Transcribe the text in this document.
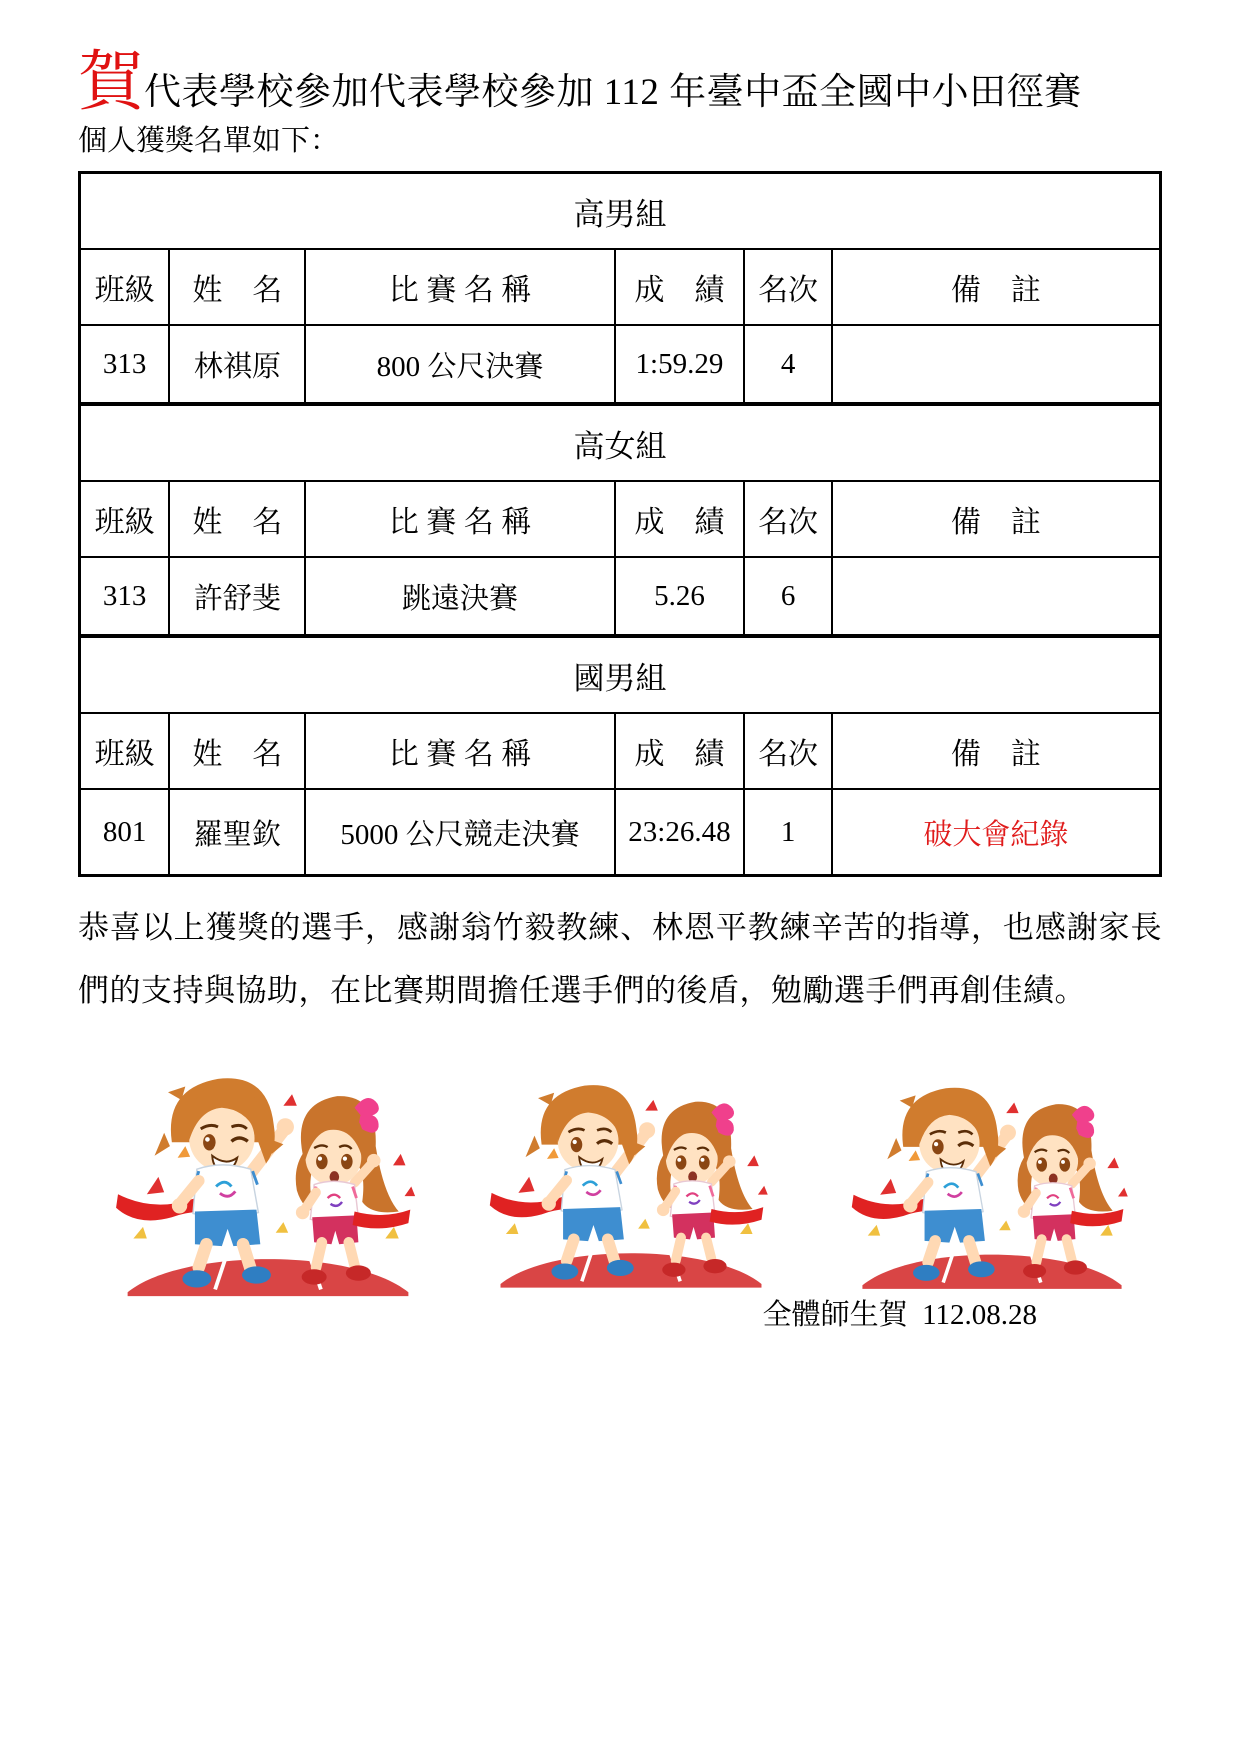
賀 代表學校參加代表學校參加 112 年臺中盃全國中小田徑賽
個人獲獎名單如下：
高男組					
班級	姓　名	比 賽 名 稱	成　績	名次	備　註
313	林祺原	800 公尺決賽	1:59.29	4	
高女組					
班級	姓　名	比 賽 名 稱	成　績	名次	備　註
313	許舒斐	跳遠決賽	5.26	6	
國男組					
班級	姓　名	比 賽 名 稱	成　績	名次	備　註
801	羅聖欽	5000 公尺競走決賽	23:26.48	1	破大會紀錄
恭喜以上獲獎的選手，感謝翁竹毅教練、林恩平教練辛苦的指導，也感謝家長們的支持與協助，在比賽期間擔任選手們的後盾，勉勵選手們再創佳績。
全體師生賀  112.08.28
